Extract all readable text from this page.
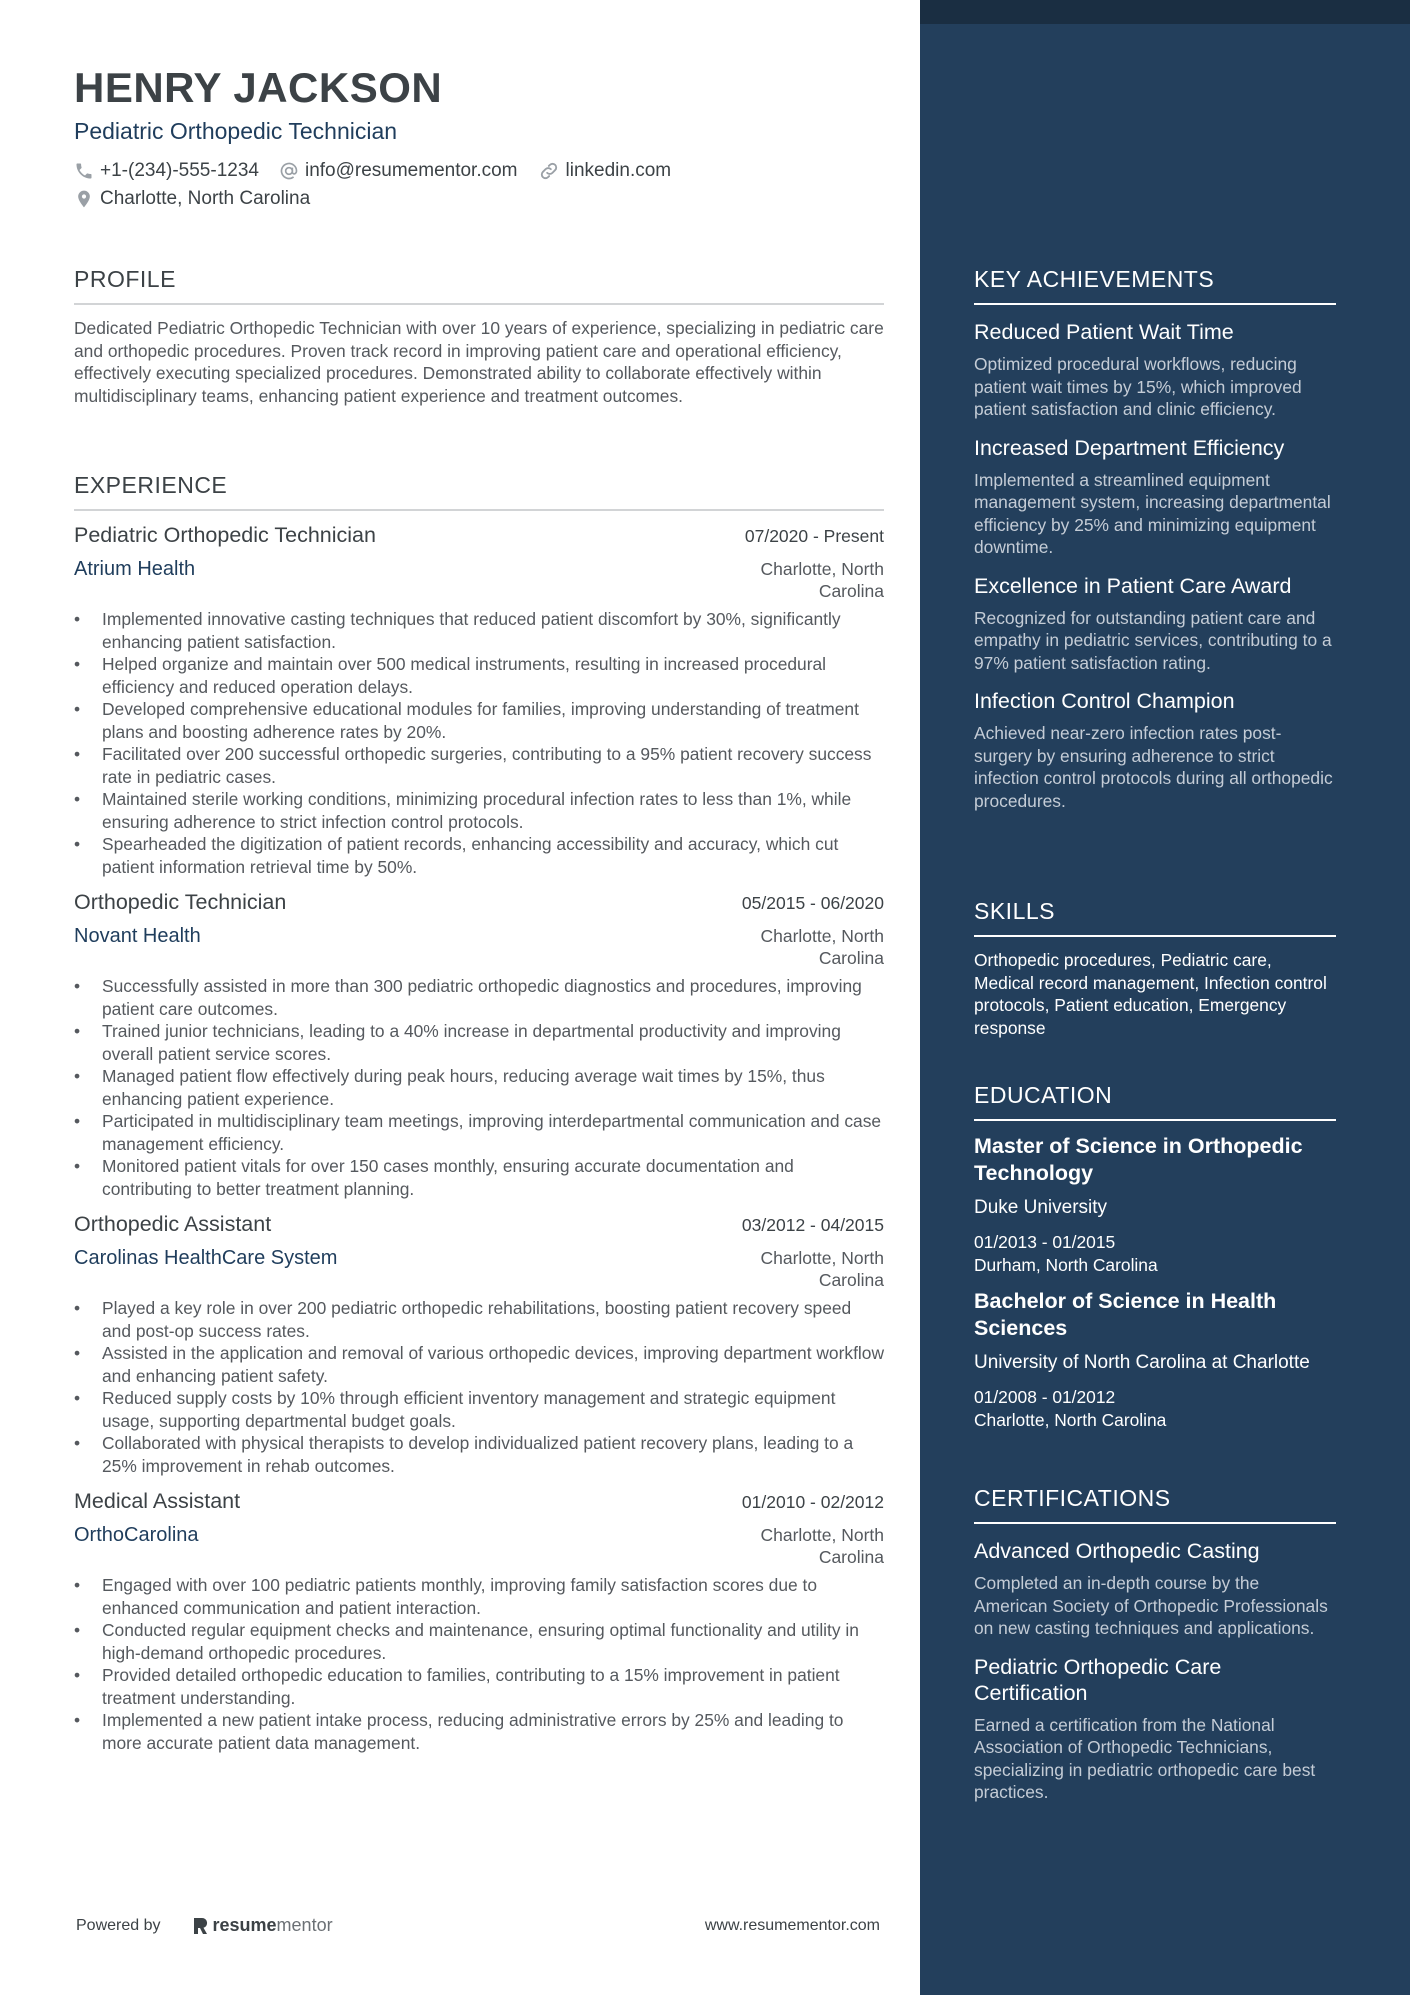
HENRY JACKSON
Pediatric Orthopedic Technician
+1-(234)-555-1234 info@resumementor.com	linkedin.com
Charlotte, North Carolina
PROFILE

Dedicated Pediatric Orthopedic Technician with over 10 years of experience, specializing in pediatric care and orthopedic procedures. Proven track record in improving patient care and operational efficiency, effectively executing specialized procedures. Demonstrated ability to collaborate effectively within multidisciplinary teams, enhancing patient experience and treatment outcomes.

EXPERIENCE
Pediatric Orthopedic Technician	07/2020 - Present
Atrium Health	Charlotte, North Carolina
• Implemented innovative casting techniques that reduced patient discomfort by 30%, significantly enhancing patient satisfaction.
• Helped organize and maintain over 500 medical instruments, resulting in increased procedural efficiency and reduced operation delays.
• Developed comprehensive educational modules for families, improving understanding of treatment plans and boosting adherence rates by 20%.
• Facilitated over 200 successful orthopedic surgeries, contributing to a 95% patient recovery success rate in pediatric cases.
• Maintained sterile working conditions, minimizing procedural infection rates to less than 1%, while ensuring adherence to strict infection control protocols.
• Spearheaded the digitization of patient records, enhancing accessibility and accuracy, which cut patient information retrieval time by 50%.
Orthopedic Technician	05/2015 - 06/2020
Novant Health	Charlotte, North Carolina
• Successfully assisted in more than 300 pediatric orthopedic diagnostics and procedures, improving patient care outcomes.
• Trained junior technicians, leading to a 40% increase in departmental productivity and improving overall patient service scores.
• Managed patient flow effectively during peak hours, reducing average wait times by 15%, thus enhancing patient experience.
• Participated in multidisciplinary team meetings, improving interdepartmental communication and case management efficiency.
• Monitored patient vitals for over 150 cases monthly, ensuring accurate documentation and contributing to better treatment planning.
Orthopedic Assistant	03/2012 - 04/2015
Carolinas HealthCare System	Charlotte, North Carolina
• Played a key role in over 200 pediatric orthopedic rehabilitations, boosting patient recovery speed and post-op success rates.
• Assisted in the application and removal of various orthopedic devices, improving department workflow and enhancing patient safety.
• Reduced supply costs by 10% through efficient inventory management and strategic equipment usage, supporting departmental budget goals.
• Collaborated with physical therapists to develop individualized patient recovery plans, leading to a 25% improvement in rehab outcomes.
Medical Assistant	01/2010 - 02/2012
OrthoCarolina	Charlotte, North Carolina
• Engaged with over 100 pediatric patients monthly, improving family satisfaction scores due to enhanced communication and patient interaction.
• Conducted regular equipment checks and maintenance, ensuring optimal functionality and utility in high-demand orthopedic procedures.
• Provided detailed orthopedic education to families, contributing to a 15% improvement in patient treatment understanding.
• Implemented a new patient intake process, reducing administrative errors by 25% and leading to more accurate patient data management.
Powered by	resume mentor	www.resumementor.com
KEY ACHIEVEMENTS
Reduced Patient Wait Time
Optimized procedural workflows, reducing patient wait times by 15%, which improved patient satisfaction and clinic efficiency.
Increased Department Efficiency
Implemented a streamlined equipment management system, increasing departmental efficiency by 25% and minimizing equipment downtime.
Excellence in Patient Care Award
Recognized for outstanding patient care and empathy in pediatric services, contributing to a 97% patient satisfaction rating.
Infection Control Champion
Achieved near-zero infection rates post-surgery by ensuring adherence to strict infection control protocols during all orthopedic procedures.
SKILLS
Orthopedic procedures, Pediatric care, Medical record management, Infection control protocols, Patient education, Emergency response
EDUCATION
Master of Science in Orthopedic Technology
Duke University
01/2013 - 01/2015
Durham, North Carolina
Bachelor of Science in Health Sciences
University of North Carolina at Charlotte
01/2008 - 01/2012
Charlotte, North Carolina
CERTIFICATIONS
Advanced Orthopedic Casting
Completed an in-depth course by the American Society of Orthopedic Professionals on new casting techniques and applications.
Pediatric Orthopedic Care Certification
Earned a certification from the National Association of Orthopedic Technicians, specializing in pediatric orthopedic care best practices.
